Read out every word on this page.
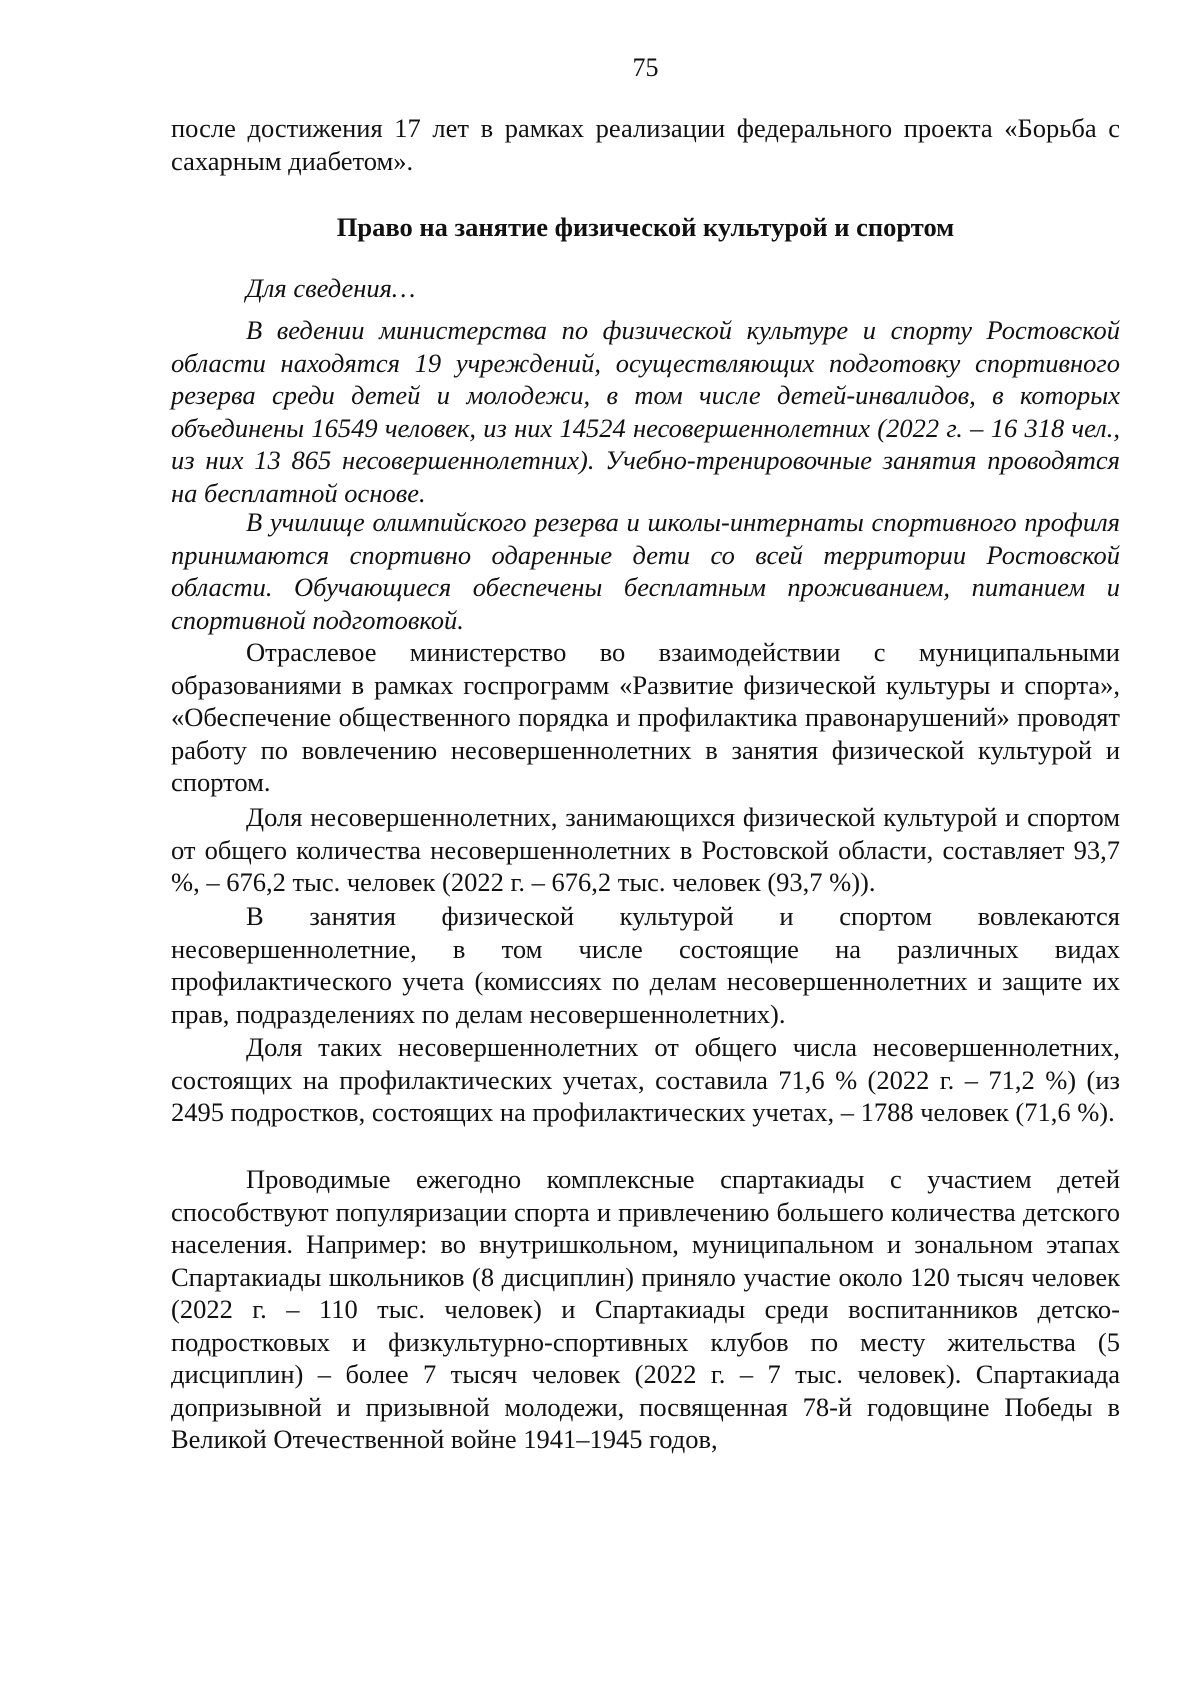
75

после достижения 17 лет в рамках реализации федерального проекта «Борьба с сахарным диабетом».

Право на занятие физической культурой и спортом

Для сведения…

В ведении министерства по физической культуре и спорту Ростовской области находятся 19 учреждений, осуществляющих подготовку спортивного резерва среди детей и молодежи, в том числе детей-инвалидов, в которых объединены 16549 человек, из них 14524 несовершеннолетних (2022 г. – 16 318 чел., из них 13 865 несовершеннолетних). Учебно-тренировочные занятия проводятся на бесплатной основе.

В училище олимпийского резерва и школы-интернаты спортивного профиля принимаются спортивно одаренные дети со всей территории Ростовской области. Обучающиеся обеспечены бесплатным проживанием, питанием и спортивной подготовкой.

Отраслевое министерство во взаимодействии с муниципальными образованиями в рамках госпрограмм «Развитие физической культуры и спорта», «Обеспечение общественного порядка и профилактика правонарушений» проводят работу по вовлечению несовершеннолетних в занятия физической культурой и спортом.

Доля несовершеннолетних, занимающихся физической культурой и спортом от общего количества несовершеннолетних в Ростовской области, составляет 93,7 %, – 676,2 тыс. человек (2022 г. – 676,2 тыс. человек (93,7 %)).

В занятия физической культурой и спортом вовлекаются несовершеннолетние, в том числе состоящие на различных видах профилактического учета (комиссиях по делам несовершеннолетних и защите их прав, подразделениях по делам несовершеннолетних).

Доля таких несовершеннолетних от общего числа несовершеннолетних, состоящих на профилактических учетах, составила 71,6 % (2022 г. – 71,2 %) (из 2495 подростков, состоящих на профилактических учетах, – 1788 человек (71,6 %).

Проводимые ежегодно комплексные спартакиады с участием детей способствуют популяризации спорта и привлечению большего количества детского населения. Например: во внутришкольном, муниципальном и зональном этапах Спартакиады школьников (8 дисциплин) приняло участие около 120 тысяч человек (2022 г. – 110 тыс. человек) и Спартакиады среди воспитанников детско-подростковых и физкультурно-спортивных клубов по месту жительства (5 дисциплин) – более 7 тысяч человек (2022 г. – 7 тыс. человек). Спартакиада допризывной и призывной молодежи, посвященная 78-й годовщине Победы в Великой Отечественной войне 1941–1945 годов,
